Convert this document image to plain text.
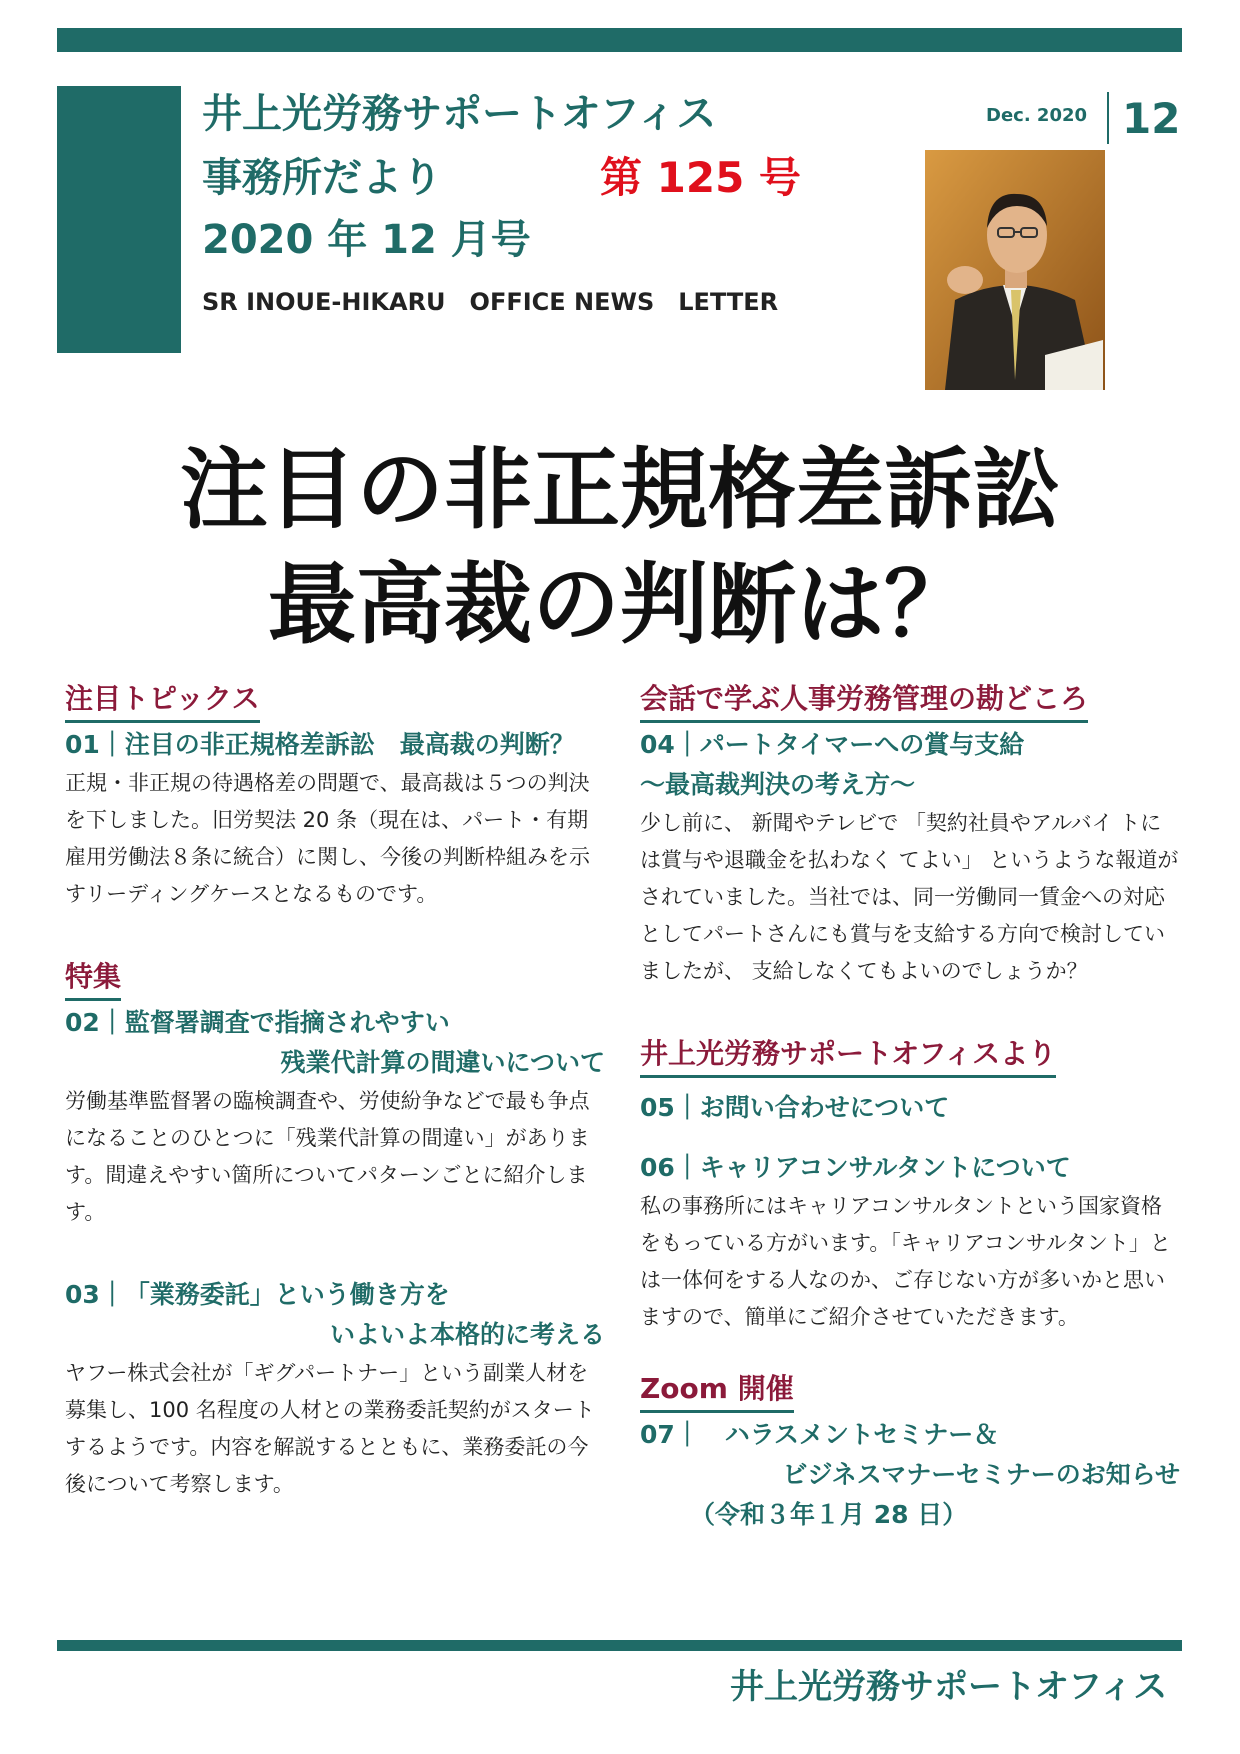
井上光労務サポートオフィス
事務所だより	第 125 号
2020 年 12 月号
SR INOUE-HIKARU　OFFICE NEWS　LETTER
Dec. 2020 12
注目の非正規格差訴訟
最高裁の判断は？
注目トピックス
01｜注目の非正規格差訴訟　最高裁の判断？
正規・非正規の待遇格差の問題で、最高裁は５つの判決を下しました。旧労契法 20 条（現在は、パート・有期雇用労働法８条に統合）に関し、今後の判断枠組みを示すリーディングケースとなるものです。
特集
02｜監督署調査で指摘されやすい
残業代計算の間違いについて
労働基準監督署の臨検調査や、労使紛争などで最も争点になることのひとつに「残業代計算の間違い」があります。間違えやすい箇所についてパターンごとに紹介します。
03｜「業務委託」という働き方を
いよいよ本格的に考える
ヤフー株式会社が「ギグパートナー」という副業人材を募集し、100 名程度の人材との業務委託契約がスタートするようです。内容を解説するとともに、業務委託の今後について考察します。
会話で学ぶ人事労務管理の勘どころ
04｜パートタイマーへの賞与支給
～最高裁判決の考え方～
少し前に、 新聞やテレビで 「契約社員やアルバイ トには賞与や退職金を払わなく てよい」 というような報道がされていました。当社では、同一労働同一賃金への対応としてパートさんにも賞与を支給する方向で検討していましたが、 支給しなくてもよいのでしょうか？
井上光労務サポートオフィスより
05｜お問い合わせについて
06｜キャリアコンサルタントについて
私の事務所にはキャリアコンサルタントという国家資格をもっている方がいます。「キャリアコンサルタント」とは一体何をする人なのか、ご存じない方が多いかと思いますので、簡単にご紹介させていただきます。
Zoom 開催
07｜　ハラスメントセミナー＆
ビジネスマナーセミナーのお知らせ
（令和３年１月 28 日）
井上光労務サポートオフィス
